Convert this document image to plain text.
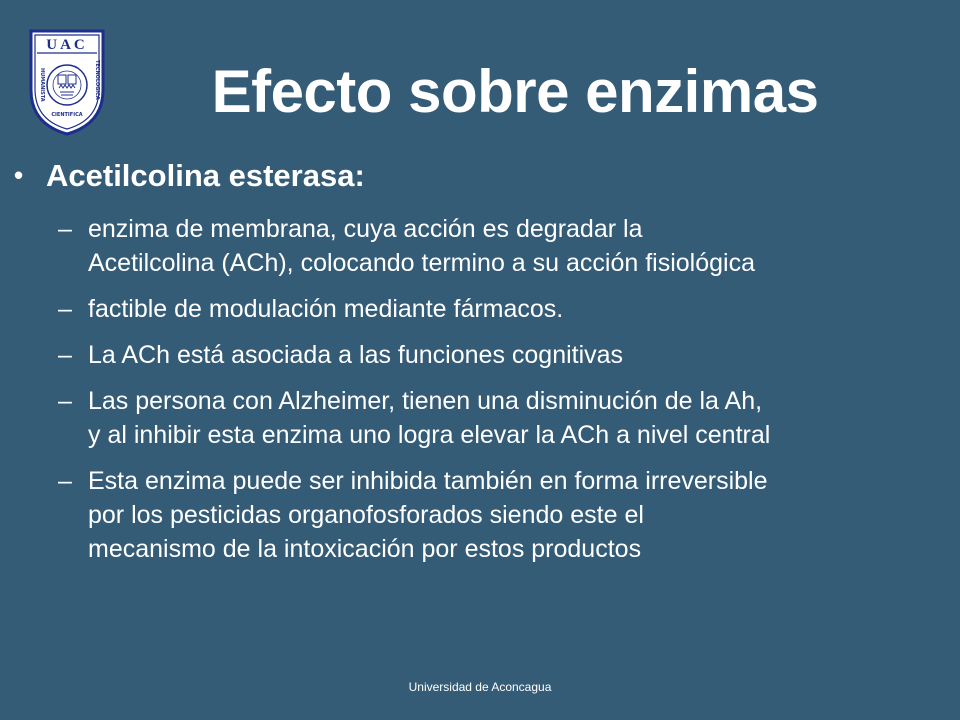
UAC
HUMANISTA	TECNOLOGICA
CIENTIFICA	Efecto sobre enzimas
• Acetilcolina esterasa:
– enzima de membrana, cuya acción es degradar la
Acetilcolina (ACh), colocando termino a su acción fisiológica
– factible de modulación mediante fármacos.
– La ACh está asociada a las funciones cognitivas
– Las persona con Alzheimer, tienen una disminución de la Ah,
y al inhibir esta enzima uno logra elevar la ACh a nivel central
– Esta enzima puede ser inhibida también en forma irreversible
por los pesticidas organofosforados siendo este el
mecanismo de la intoxicación por estos productos
Universidad de Aconcagua
